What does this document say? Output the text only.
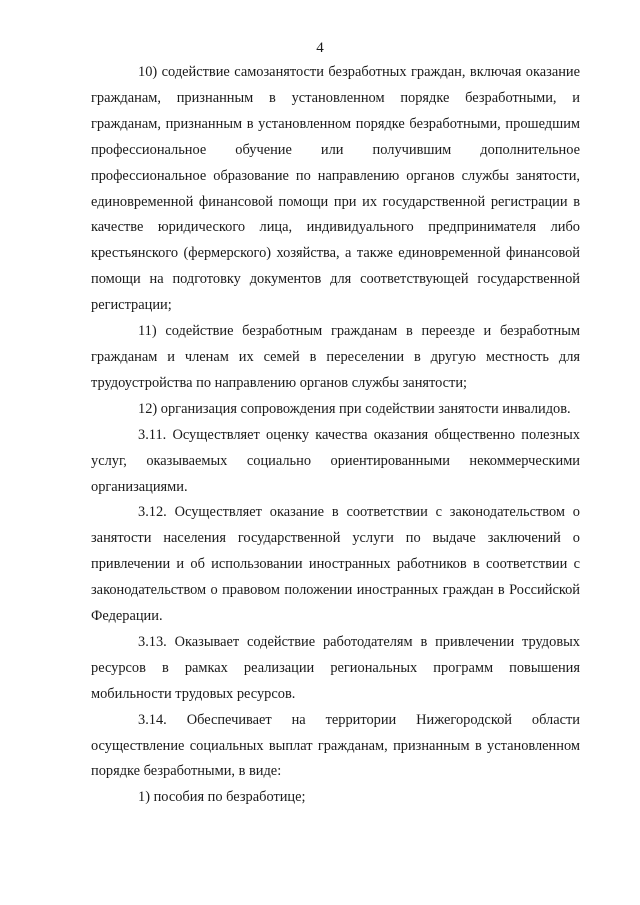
4

10) содействие самозанятости безработных граждан, включая оказание гражданам, признанным в установленном порядке безработными, и гражданам, признанным в установленном порядке безработными, прошедшим профессиональное обучение или получившим дополнительное профессиональное образование по направлению органов службы занятости, единовременной финансовой помощи при их государственной регистрации в качестве юридического лица, индивидуального предпринимателя либо крестьянского (фермерского) хозяйства, а также единовременной финансовой помощи на подготовку документов для соответствующей государственной регистрации;

11) содействие безработным гражданам в переезде и безработным гражданам и членам их семей в переселении в другую местность для трудоустройства по направлению органов службы занятости;

12) организация сопровождения при содействии занятости инвалидов.

3.11. Осуществляет оценку качества оказания общественно полезных услуг, оказываемых социально ориентированными некоммерческими организациями.

3.12. Осуществляет оказание в соответствии с законодательством о занятости населения государственной услуги по выдаче заключений о привлечении и об использовании иностранных работников в соответствии с законодательством о правовом положении иностранных граждан в Российской Федерации.

3.13. Оказывает содействие работодателям в привлечении трудовых ресурсов в рамках реализации региональных программ повышения мобильности трудовых ресурсов.

3.14. Обеспечивает на территории Нижегородской области осуществление социальных выплат гражданам, признанным в установленном порядке безработными, в виде:

1) пособия по безработице;
